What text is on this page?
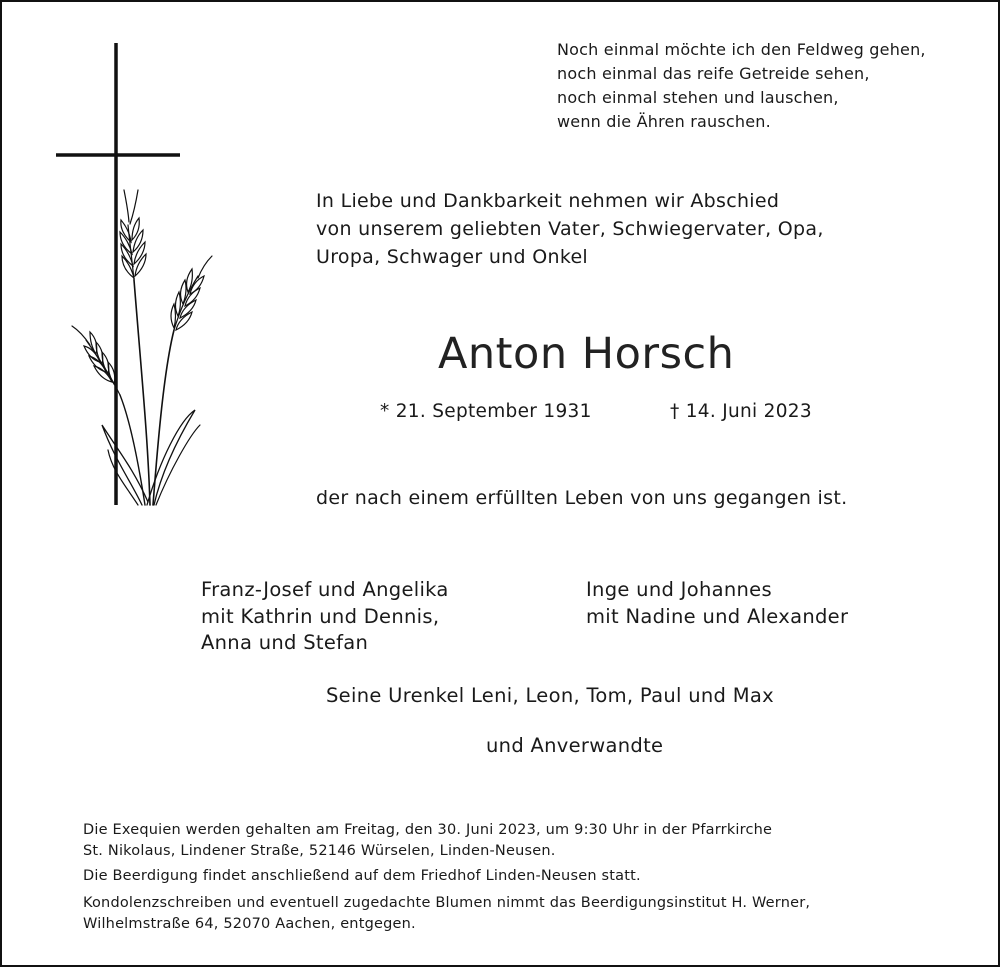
Noch einmal möchte ich den Feldweg gehen,
noch einmal das reife Getreide sehen,
noch einmal stehen und lauschen,
wenn die Ähren rauschen.
In Liebe und Dankbarkeit nehmen wir Abschied
von unserem geliebten Vater, Schwiegervater, Opa,
Uropa, Schwager und Onkel
Anton Horsch
* 21. September 1931	† 14. Juni 2023
der nach einem erfüllten Leben von uns gegangen ist.
Franz-Josef und Angelika
mit Kathrin und Dennis,
Anna und Stefan
Inge und Johannes
mit Nadine und Alexander
Seine Urenkel Leni, Leon, Tom, Paul und Max
und Anverwandte
Die Exequien werden gehalten am Freitag, den 30. Juni 2023, um 9:30 Uhr in der Pfarrkirche
St. Nikolaus, Lindener Straße, 52146 Würselen, Linden-Neusen.
Die Beerdigung findet anschließend auf dem Friedhof Linden-Neusen statt.
Kondolenzschreiben und eventuell zugedachte Blumen nimmt das Beerdigungsinstitut H. Werner,
Wilhelmstraße 64, 52070 Aachen, entgegen.
